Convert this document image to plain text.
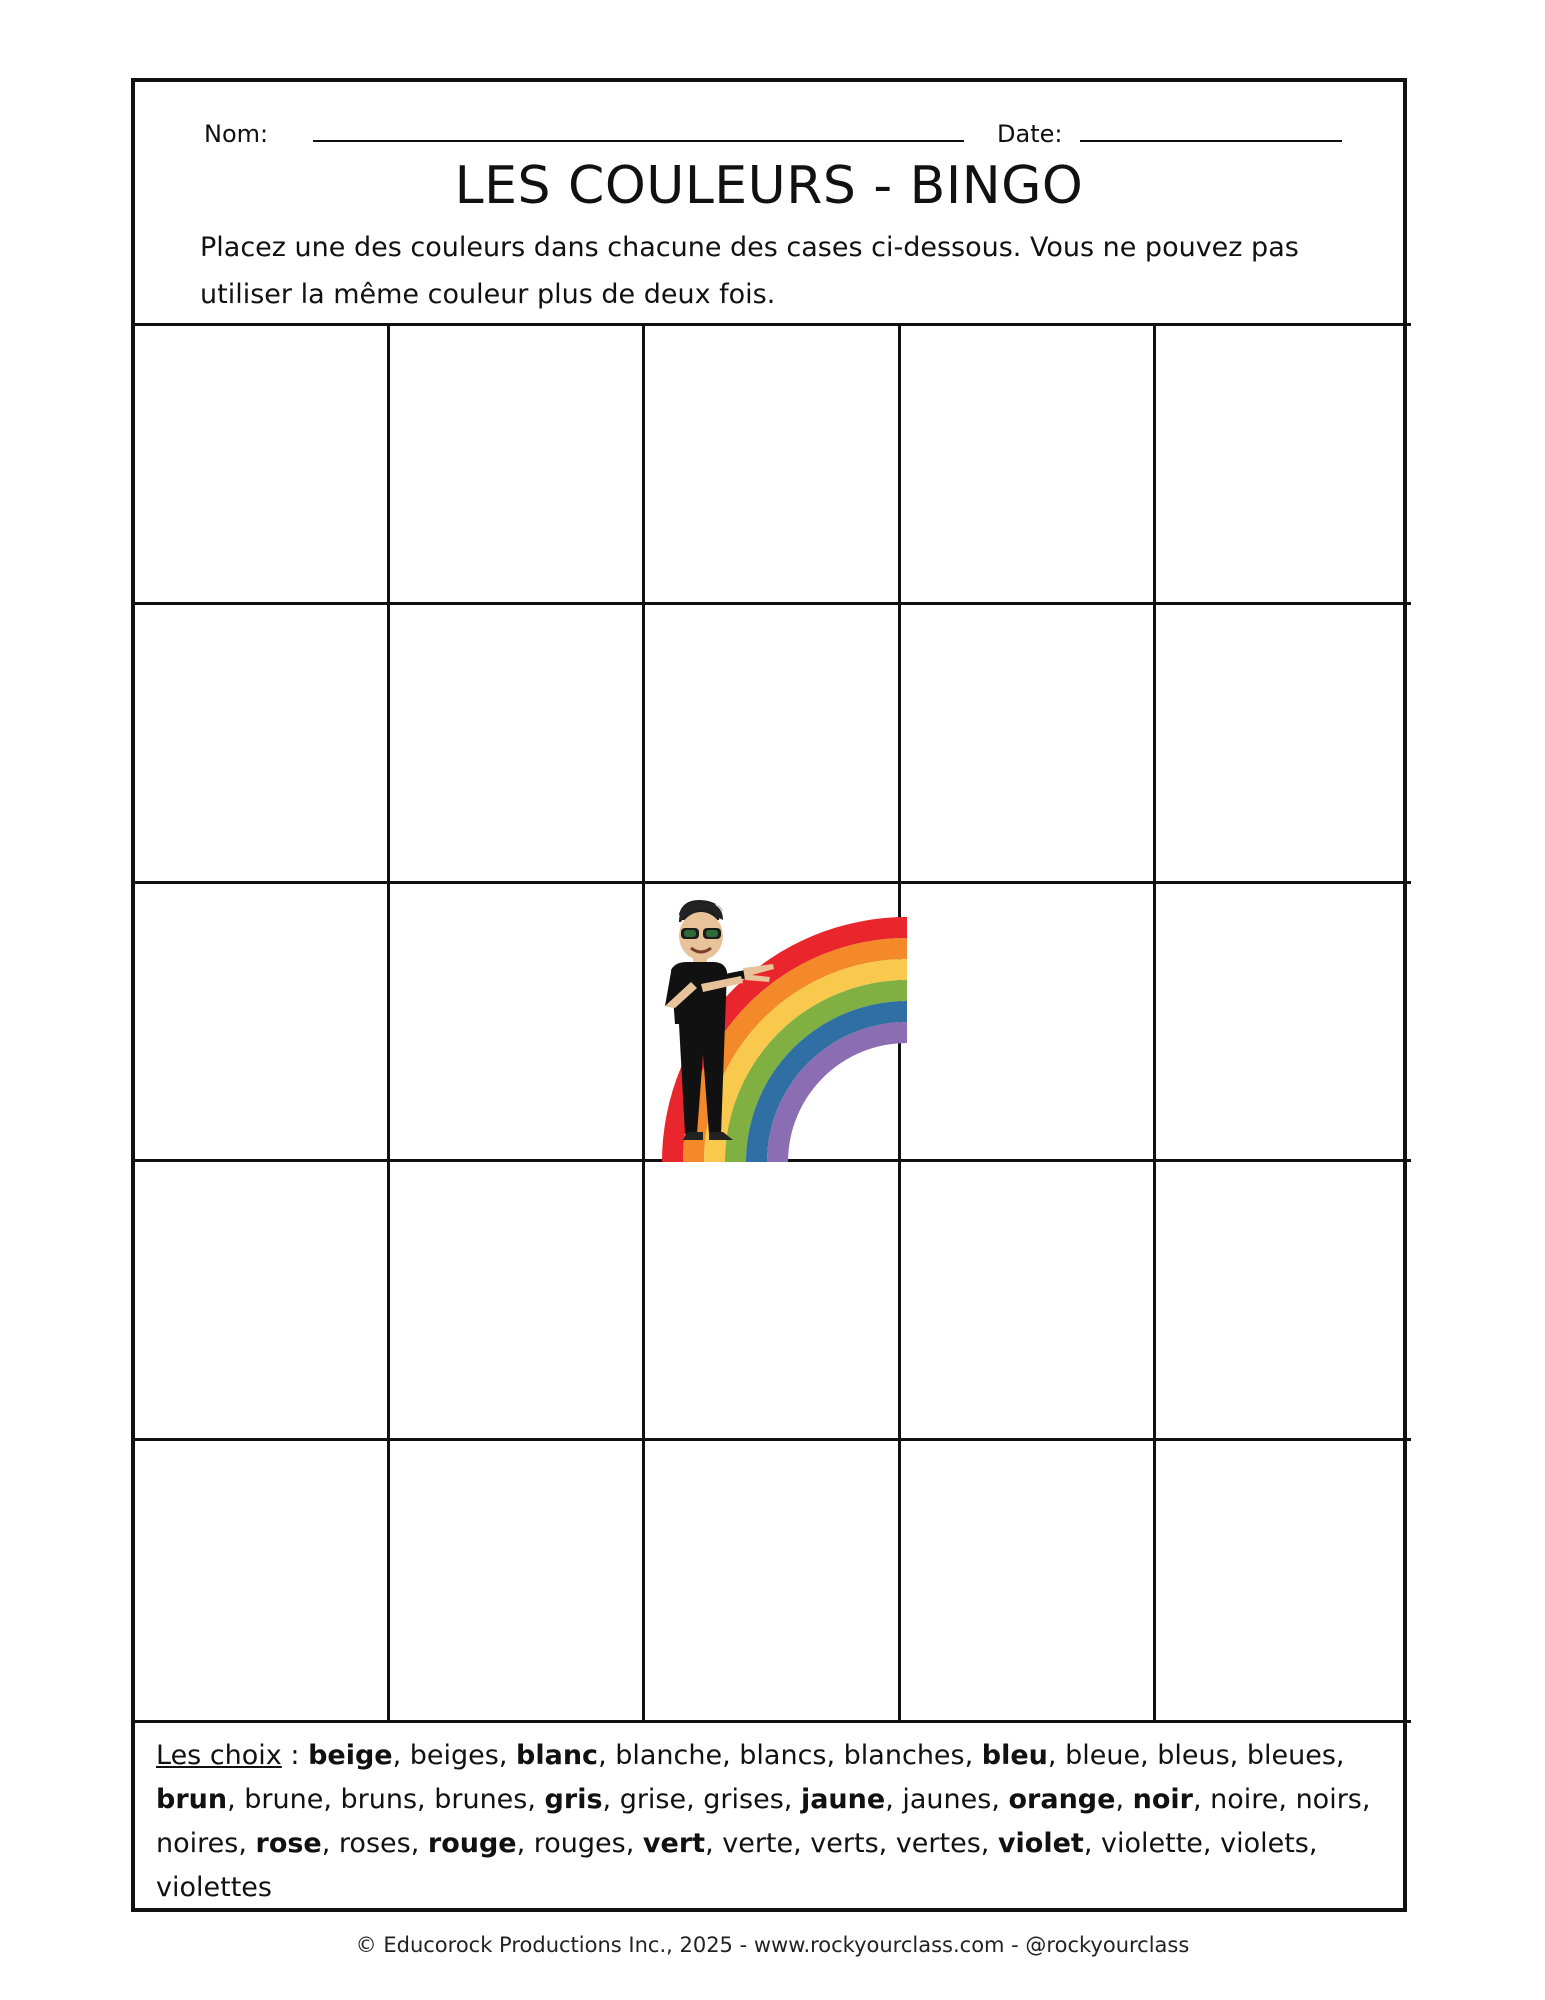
Nom:	Date:
LES COULEURS - BINGO
Placez une des couleurs dans chacune des cases ci-dessous. Vous ne pouvez pas utiliser la même couleur plus de deux fois.
Les choix : beige, beiges, blanc, blanche, blancs, blanches, bleu, bleue, bleus, bleues, brun, brune, bruns, brunes, gris, grise, grises, jaune, jaunes, orange, noir, noire, noirs, noires, rose, roses, rouge, rouges, vert, verte, verts, vertes, violet, violette, violets, violettes
© Educorock Productions Inc., 2025 - www.rockyourclass.com - @rockyourclass
